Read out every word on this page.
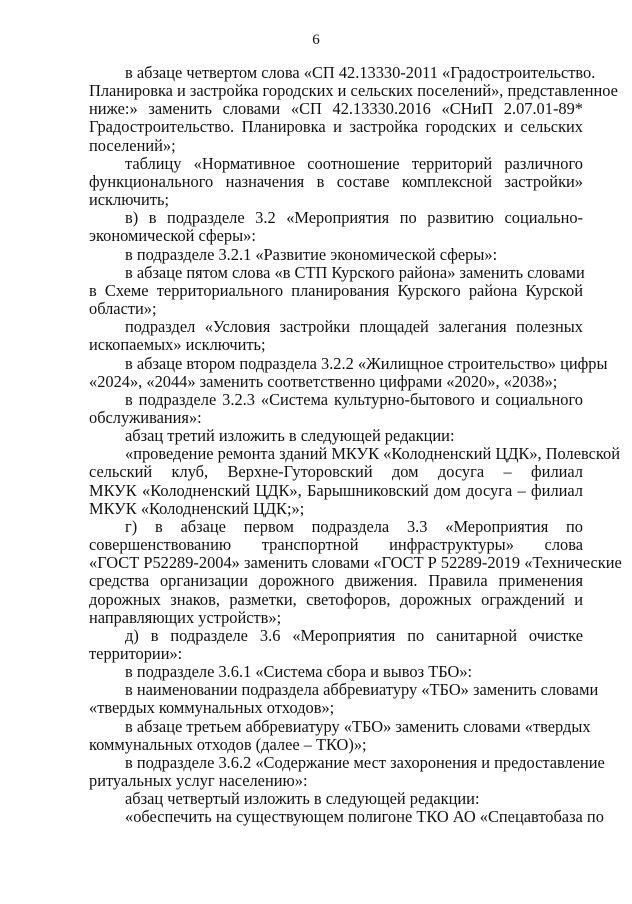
6
в абзаце четвертом слова «СП 42.13330-2011 «Градостроительство.
Планировка и застройка городских и сельских поселений», представленное
ниже:» заменить словами «СП 42.13330.2016 «СНиП 2.07.01-89*
Градостроительство. Планировка и застройка городских и сельских
поселений»;
таблицу «Нормативное соотношение территорий различного
функционального назначения в составе комплексной застройки»
исключить;
в) в подразделе 3.2 «Мероприятия по развитию социально-
экономической сферы»:
в подразделе 3.2.1 «Развитие экономической сферы»:
в абзаце пятом слова «в СТП Курского района» заменить словами
в Схеме территориального планирования Курского района Курской
области»;
подраздел «Условия застройки площадей залегания полезных
ископаемых» исключить;
в абзаце втором подраздела 3.2.2 «Жилищное строительство» цифры
«2024», «2044» заменить соответственно цифрами «2020», «2038»;
в подразделе 3.2.3 «Система культурно-бытового и социального
обслуживания»:
абзац третий изложить в следующей редакции:
«проведение ремонта зданий МКУК «Колодненский ЦДК», Полевской
сельский клуб, Верхне-Гуторовский дом досуга – филиал
МКУК «Колодненский ЦДК», Барышниковский дом досуга – филиал
МКУК «Колодненский ЦДК;»;
г) в абзаце первом подраздела 3.3 «Мероприятия по
совершенствованию транспортной инфраструктуры» слова
«ГОСТ Р52289-2004» заменить словами «ГОСТ Р 52289-2019 «Технические
средства организации дорожного движения. Правила применения
дорожных знаков, разметки, светофоров, дорожных ограждений и
направляющих устройств»;
д) в подразделе 3.6 «Мероприятия по санитарной очистке
территории»:
в подразделе 3.6.1 «Система сбора и вывоз ТБО»:
в наименовании подраздела аббревиатуру «ТБО» заменить словами
«твердых коммунальных отходов»;
в абзаце третьем аббревиатуру «ТБО» заменить словами «твердых
коммунальных отходов (далее – ТКО)»;
в подразделе 3.6.2 «Содержание мест захоронения и предоставление
ритуальных услуг населению»:
абзац четвертый изложить в следующей редакции:
«обеспечить на существующем полигоне ТКО АО «Спецавтобаза по
